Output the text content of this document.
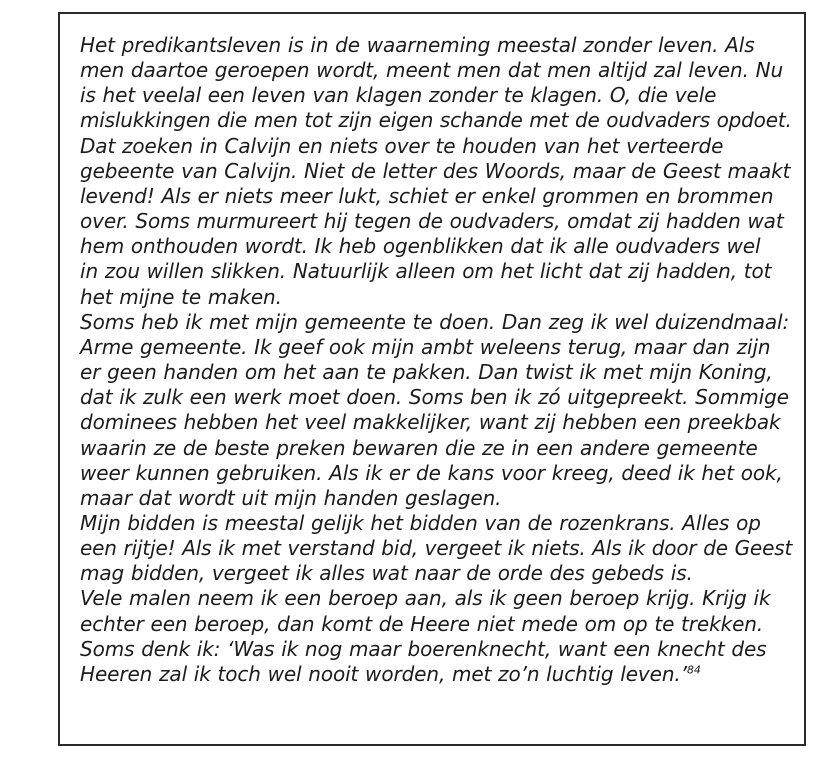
Het predikantsleven is in de waarneming meestal zonder leven. Als
men daartoe geroepen wordt, meent men dat men altijd zal leven. Nu
is het veelal een leven van klagen zonder te klagen. O, die vele
mislukkingen die men tot zijn eigen schande met de oudvaders opdoet.
Dat zoeken in Calvijn en niets over te houden van het verteerde
gebeente van Calvijn. Niet de letter des Woords, maar de Geest maakt
levend! Als er niets meer lukt, schiet er enkel grommen en brommen
over. Soms murmureert hij tegen de oudvaders, omdat zij hadden wat
hem onthouden wordt. Ik heb ogenblikken dat ik alle oudvaders wel
in zou willen slikken. Natuurlijk alleen om het licht dat zij hadden, tot
het mijne te maken.
Soms heb ik met mijn gemeente te doen. Dan zeg ik wel duizendmaal:
Arme gemeente. Ik geef ook mijn ambt weleens terug, maar dan zijn
er geen handen om het aan te pakken. Dan twist ik met mijn Koning,
dat ik zulk een werk moet doen. Soms ben ik zó uitgepreekt. Sommige
dominees hebben het veel makkelijker, want zij hebben een preekbak
waarin ze de beste preken bewaren die ze in een andere gemeente
weer kunnen gebruiken. Als ik er de kans voor kreeg, deed ik het ook,
maar dat wordt uit mijn handen geslagen.
Mijn bidden is meestal gelijk het bidden van de rozenkrans. Alles op
een rijtje! Als ik met verstand bid, vergeet ik niets. Als ik door de Geest
mag bidden, vergeet ik alles wat naar de orde des gebeds is.
Vele malen neem ik een beroep aan, als ik geen beroep krijg. Krijg ik
echter een beroep, dan komt de Heere niet mede om op te trekken.
Soms denk ik: ‘Was ik nog maar boerenknecht, want een knecht des
Heeren zal ik toch wel nooit worden, met zo’n luchtig leven.’$^{84}$
